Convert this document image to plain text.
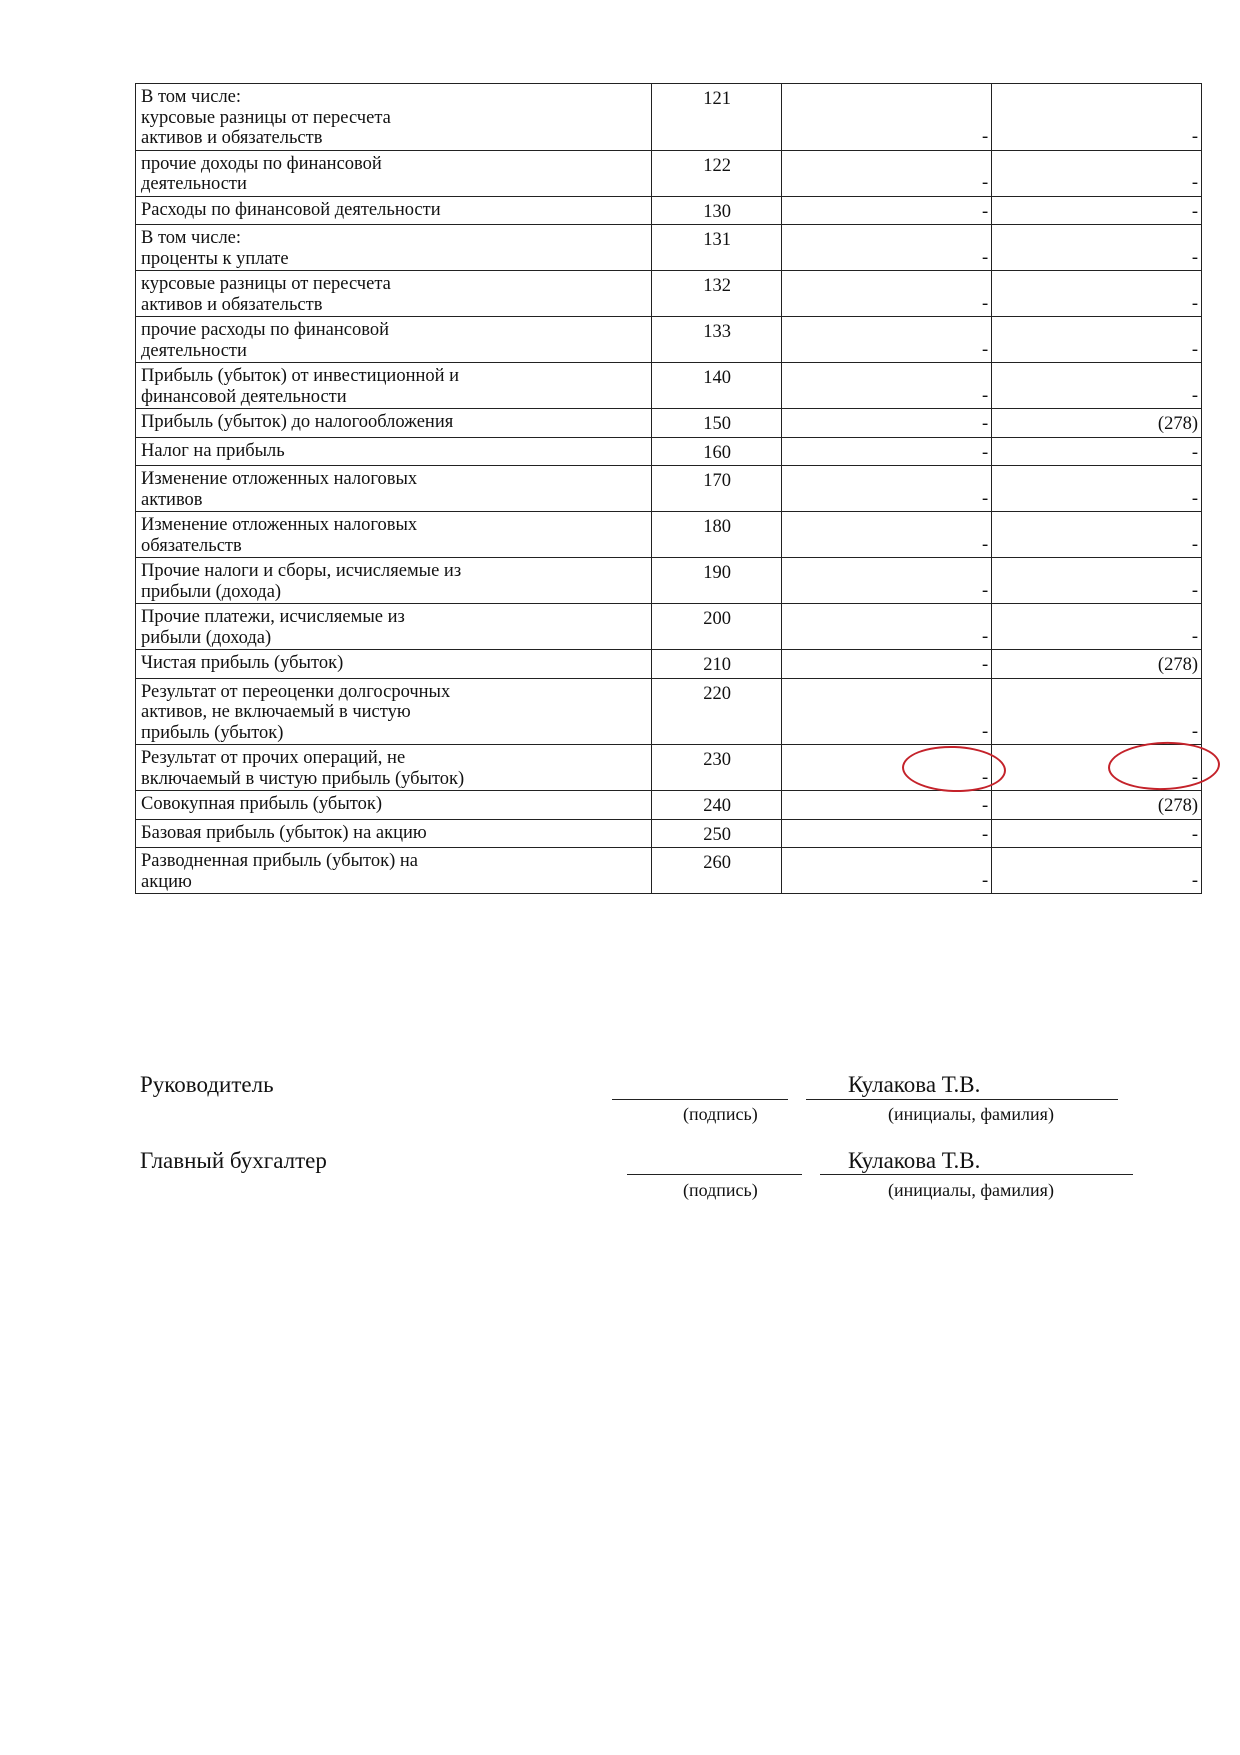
В том числе:
курсовые разницы от пересчета
активов и обязательств	121	-	-

прочие доходы по финансовой
деятельности	122	-	-

Расходы по финансовой деятельности	130	-	-

В том числе:
проценты к уплате	131	-	-

курсовые разницы от пересчета
активов и обязательств	132	-	-

прочие расходы по финансовой
деятельности	133	-	-

Прибыль (убыток) от инвестиционной и
финансовой деятельности	140	-	-

Прибыль (убыток) до налогообложения	150	-	(278)

Налог на прибыль	160	-	-

Изменение отложенных налоговых
активов	170	-	-

Изменение отложенных налоговых
обязательств	180	-	-

Прочие налоги и сборы, исчисляемые из
прибыли (дохода)	190	-	-

Прочие платежи, исчисляемые из
рибыли (дохода)	200	-	-

Чистая прибыль (убыток)	210	-	(278)

Результат от переоценки долгосрочных
активов, не включаемый в чистую
прибыль (убыток)	220	-	-

Результат от прочих операций, не
включаемый в чистую прибыль (убыток)	230	-	-

Совокупная прибыль (убыток)	240	-	(278)

Базовая прибыль (убыток) на акцию	250	-	-

Разводненная прибыль (убыток) на
акцию	260	-	-
Руководитель	Кулакова Т.В.
(подпись)	(инициалы, фамилия)
Главный бухгалтер	Кулакова Т.В.
(подпись)	(инициалы, фамилия)
